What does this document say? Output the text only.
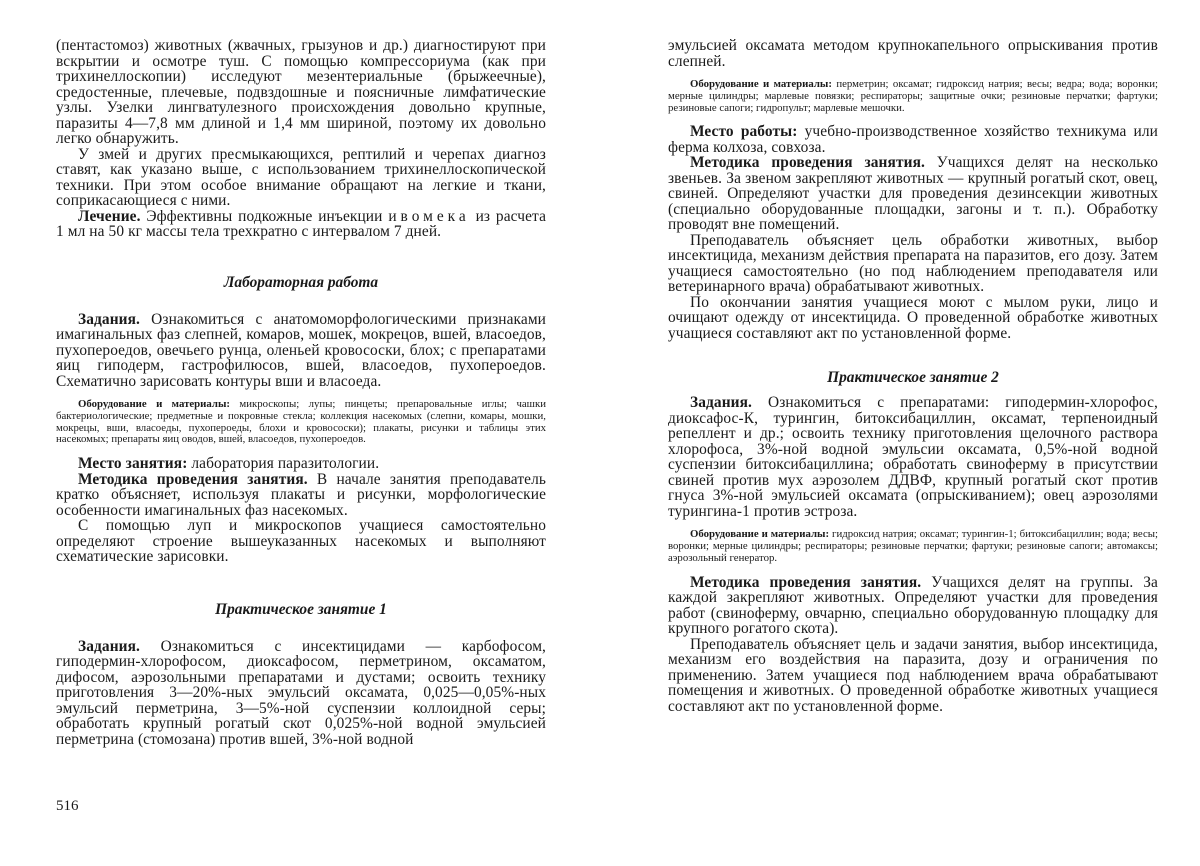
(пентастомоз) животных (жвачных, грызунов и др.) диагностируют при вскрытии и осмотре туш. С помощью компрессориума (как при трихинеллоскопии) исследуют мезентериальные (брыжеечные), средостенные, плечевые, подвздошные и поясничные лимфатические узлы. Узелки лингватулезного происхождения довольно крупные, паразиты 4—7,8 мм длиной и 1,4 мм шириной, поэтому их довольно легко обнаружить.

У змей и других пресмыкающихся, рептилий и черепах диагноз ставят, как указано выше, с использованием трихинеллоскопической техники. При этом особое внимание обращают на легкие и ткани, соприкасающиеся с ними.

Лечение. Эффективны подкожные инъекции ивомека из расчета 1 мл на 50 кг массы тела трехкратно с интервалом 7 дней.

Лабораторная работа

Задания. Ознакомиться с анатомоморфологическими признаками имагинальных фаз слепней, комаров, мошек, мокрецов, вшей, власоедов, пухопероедов, овечьего рунца, оленьей кровососки, блох; с препаратами яиц гиподерм, гастрофилюсов, вшей, власоедов, пухопероедов. Схематично зарисовать контуры вши и власоеда.

Оборудование и материалы: микроскопы; лупы; пинцеты; препаровальные иглы; чашки бактериологические; предметные и покровные стекла; коллекция насекомых (слепни, комары, мошки, мокрецы, вши, власоеды, пухопероеды, блохи и кровососки); плакаты, рисунки и таблицы этих насекомых; препараты яиц оводов, вшей, власоедов, пухопероедов.

Место занятия: лаборатория паразитологии.

Методика проведения занятия. В начале занятия преподаватель кратко объясняет, используя плакаты и рисунки, морфологические особенности имагинальных фаз насекомых.

С помощью луп и микроскопов учащиеся самостоятельно определяют строение вышеуказанных насекомых и выполняют схематические зарисовки.

Практическое занятие 1

Задания. Ознакомиться с инсектицидами — карбофосом, гиподермин-хлорофосом, диоксафосом, перметрином, оксаматом, дифосом, аэрозольными препаратами и дустами; освоить технику приготовления 3—20%-ных эмульсий оксамата, 0,025—0,05%-ных эмульсий перметрина, 3—5%-ной суспензии коллоидной серы; обработать крупный рогатый скот 0,025%-ной водной эмульсией перметрина (стомозана) против вшей, 3%-ной водной

516

эмульсией оксамата методом крупнокапельного опрыскивания против слепней.

Оборудование и материалы: перметрин; оксамат; гидроксид натрия; весы; ведра; вода; воронки; мерные цилиндры; марлевые повязки; респираторы; защитные очки; резиновые перчатки; фартуки; резиновые сапоги; гидропульт; марлевые мешочки.

Место работы: учебно-производственное хозяйство техникума или ферма колхоза, совхоза.

Методика проведения занятия. Учащихся делят на несколько звеньев. За звеном закрепляют животных — крупный рогатый скот, овец, свиней. Определяют участки для проведения дезинсекции животных (специально оборудованные площадки, загоны и т. п.). Обработку проводят вне помещений.

Преподаватель объясняет цель обработки животных, выбор инсектицида, механизм действия препарата на паразитов, его дозу. Затем учащиеся самостоятельно (но под наблюдением преподавателя или ветеринарного врача) обрабатывают животных.

По окончании занятия учащиеся моют с мылом руки, лицо и очищают одежду от инсектицида. О проведенной обработке животных учащиеся составляют акт по установленной форме.

Практическое занятие 2

Задания. Ознакомиться с препаратами: гиподермин-хлорофос, диоксафос-К, турингин, битоксибациллин, оксамат, терпеноидный репеллент и др.; освоить технику приготовления щелочного раствора хлорофоса, 3%-ной водной эмульсии оксамата, 0,5%-ной водной суспензии битоксибациллина; обработать свиноферму в присутствии свиней против мух аэрозолем ДДВФ, крупный рогатый скот против гнуса 3%-ной эмульсией оксамата (опрыскиванием); овец аэрозолями турингина-1 против эстроза.

Оборудование и материалы: гидроксид натрия; оксамат; турингин-1; битоксибациллин; вода; весы; воронки; мерные цилиндры; респираторы; резиновые перчатки; фартуки; резиновые сапоги; автомаксы; аэрозольный генератор.

Методика проведения занятия. Учащихся делят на группы. За каждой закрепляют животных. Определяют участки для проведения работ (свиноферму, овчарню, специально оборудованную площадку для крупного рогатого скота).

Преподаватель объясняет цель и задачи занятия, выбор инсектицида, механизм его воздействия на паразита, дозу и ограничения по применению. Затем учащиеся под наблюдением врача обрабатывают помещения и животных. О проведенной обработке животных учащиеся составляют акт по установленной форме.
